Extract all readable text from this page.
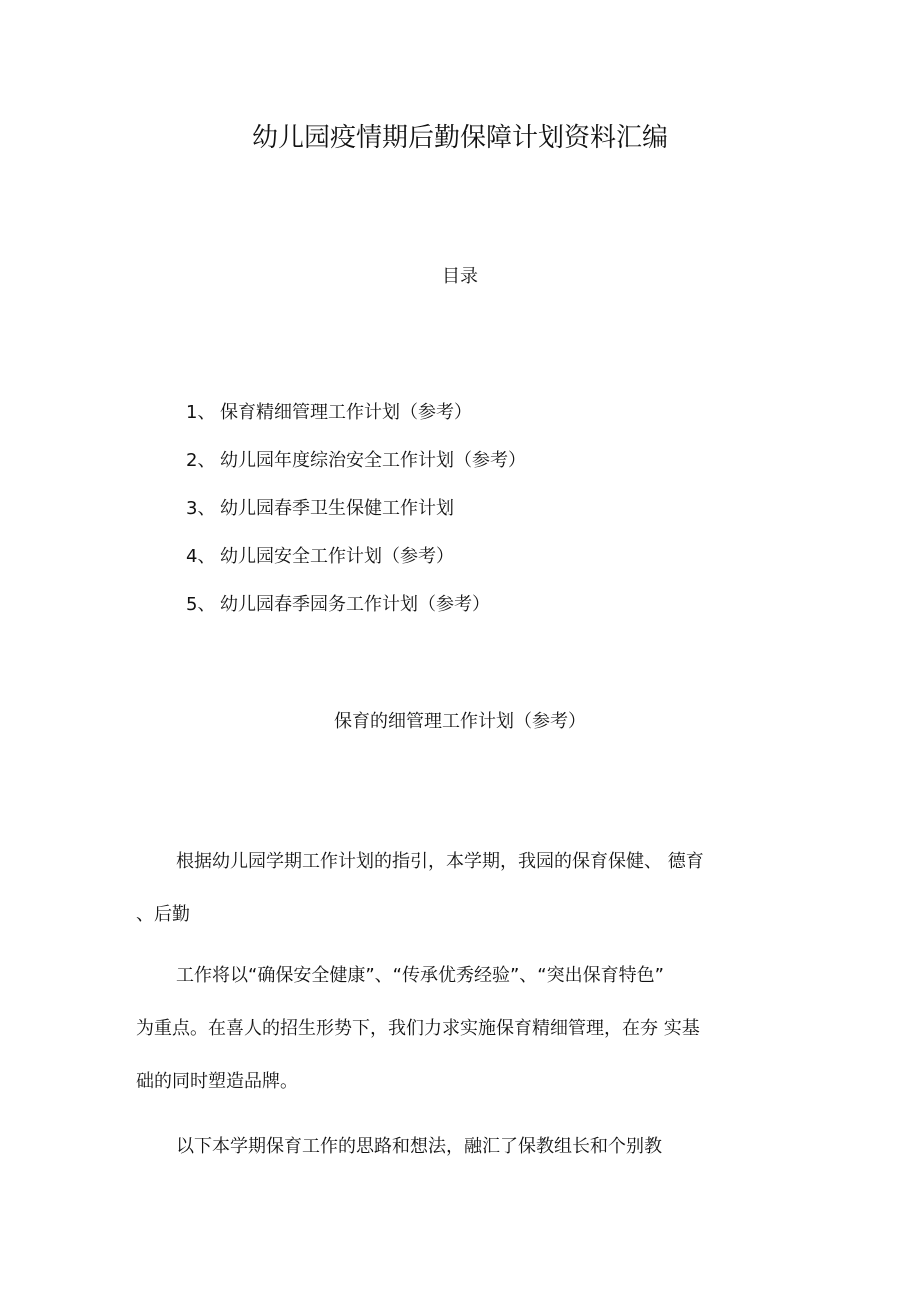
幼儿园疫情期后勤保障计划资料汇编
目录
1、 保育精细管理工作计划（参考）
2、 幼儿园年度综治安全工作计划（参考）
3、 幼儿园春季卫生保健工作计划
4、 幼儿园安全工作计划（参考）
5、 幼儿园春季园务工作计划（参考）
保育的细管理工作计划（参考）

根据幼儿园学期工作计划的指引，本学期，我园的保育保健、 德育
、后勤

工作将以“确保安全健康”、“传承优秀经验”、“突出保育特色”
为重点。在喜人的招生形势下，我们力求实施保育精细管理，在夯 实基
础的同时塑造品牌。

以下本学期保育工作的思路和想法，融汇了保教组长和个别教
